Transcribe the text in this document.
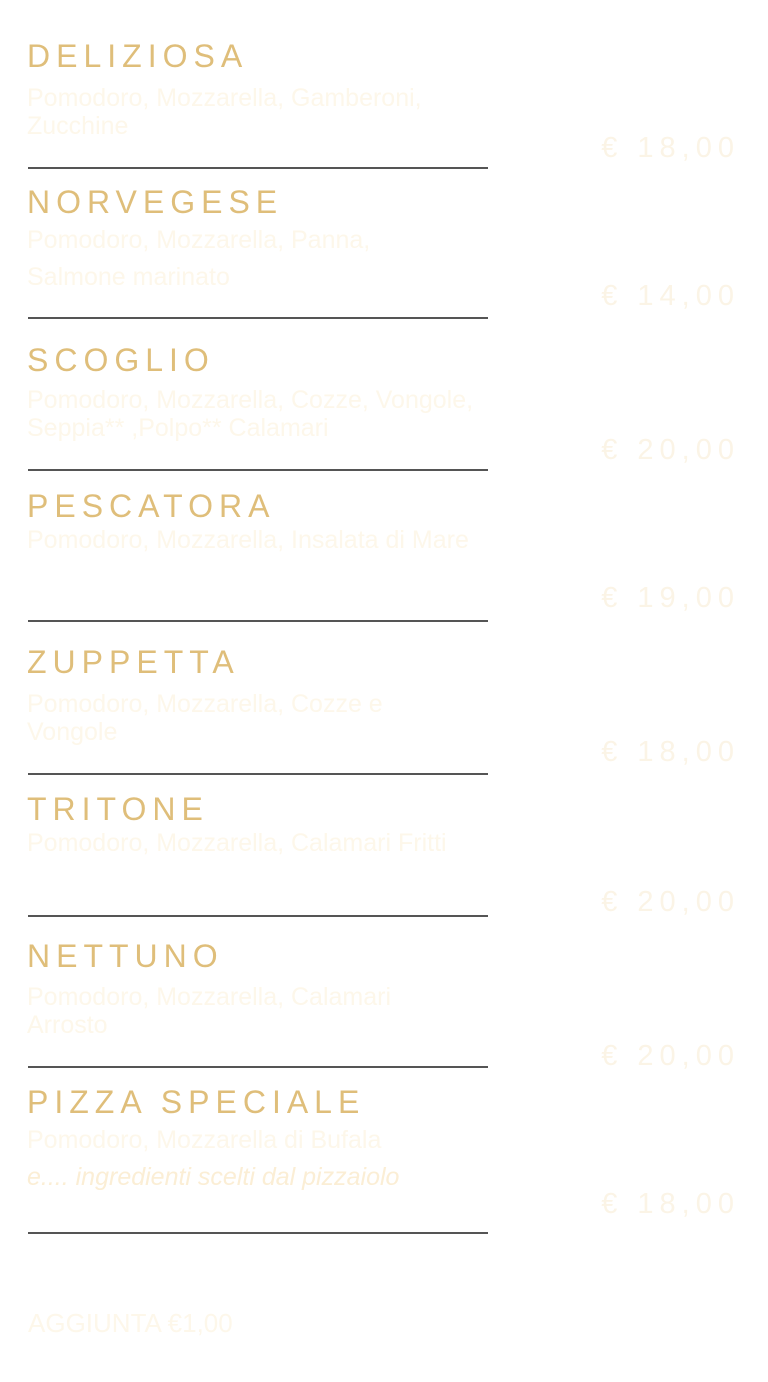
DELIZIOSA
Pomodoro, Mozzarella, Gamberoni, Zucchine
€ 18,00
NORVEGESE
Pomodoro, Mozzarella, Panna, Salmone marinato
€ 14,00
SCOGLIO
Pomodoro, Mozzarella, Cozze, Vongole, Seppia** ,Polpo** Calamari
€ 20,00
PESCATORA
Pomodoro, Mozzarella, Insalata di Mare
€ 19,00
ZUPPETTA
Pomodoro, Mozzarella, Cozze e Vongole
€ 18,00
TRITONE
Pomodoro, Mozzarella, Calamari Fritti
€ 20,00
NETTUNO
Pomodoro, Mozzarella, Calamari Arrosto
€ 20,00
PIZZA SPECIALE
Pomodoro, Mozzarella di Bufala
e.... ingredienti scelti dal pizzaiolo
€ 18,00
AGGIUNTA €1,00
